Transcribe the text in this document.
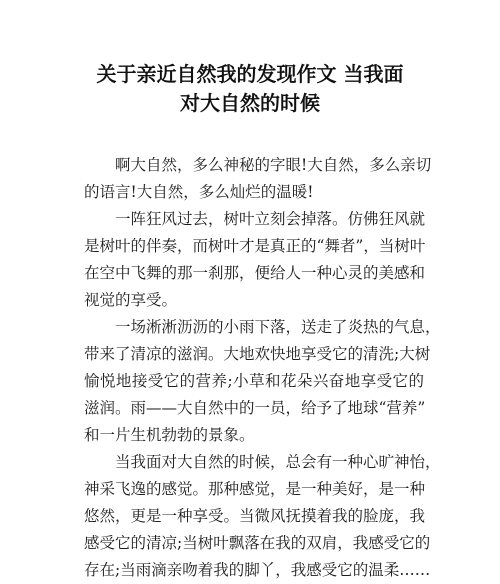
关于亲近自然我的发现作文 当我面
对大自然的时候
　　啊大自然，多么神秘的字眼!大自然，多么亲切
的语言!大自然，多么灿烂的温暖!
　　一阵狂风过去，树叶立刻会掉落。仿佛狂风就
是树叶的伴奏，而树叶才是真正的“舞者”，当树叶
在空中飞舞的那一刹那，便给人一种心灵的美感和
视觉的享受。
　　一场淅淅沥沥的小雨下落，送走了炎热的气息，
带来了清凉的滋润。大地欢快地享受它的清洗;大树
愉悦地接受它的营养;小草和花朵兴奋地享受它的
滋润。雨——大自然中的一员，给予了地球“营养”
和一片生机勃勃的景象。
　　当我面对大自然的时候，总会有一种心旷神怡，
神采飞逸的感觉。那种感觉，是一种美好，是一种
悠然，更是一种享受。当微风抚摸着我的脸庞，我
感受它的清凉;当树叶飘落在我的双肩，我感受它的
存在;当雨滴亲吻着我的脚丫，我感受它的温柔……
